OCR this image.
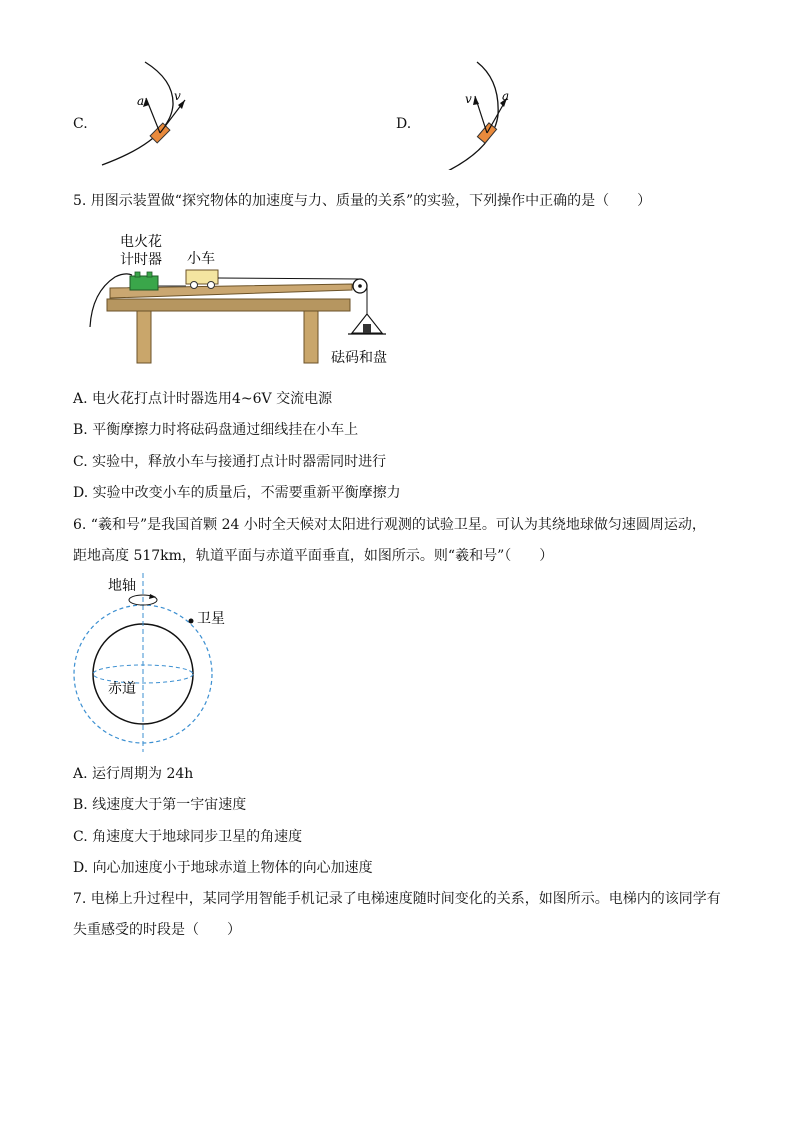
C.
a v
D.
v	a
5. 用图示装置做“探究物体的加速度与力、质量的关系”的实验，下列操作中正确的是（　　）
电火花
计时器 小车
砝码和盘
A. 电火花打点计时器选用4~6V 交流电源
B. 平衡摩擦力时将砝码盘通过细线挂在小车上
C. 实验中，释放小车与接通打点计时器需同时进行
D. 实验中改变小车的质量后，不需要重新平衡摩擦力
6. “羲和号”是我国首颗 24 小时全天候对太阳进行观测的试验卫星。可认为其绕地球做匀速圆周运动，
距地高度 517km，轨道平面与赤道平面垂直，如图所示。则“羲和号”（　　）
地轴
卫星
赤道
A. 运行周期为 24h
B. 线速度大于第一宇宙速度
C. 角速度大于地球同步卫星的角速度
D. 向心加速度小于地球赤道上物体的向心加速度
7. 电梯上升过程中，某同学用智能手机记录了电梯速度随时间变化的关系，如图所示。电梯内的该同学有
失重感受的时段是（　　）
